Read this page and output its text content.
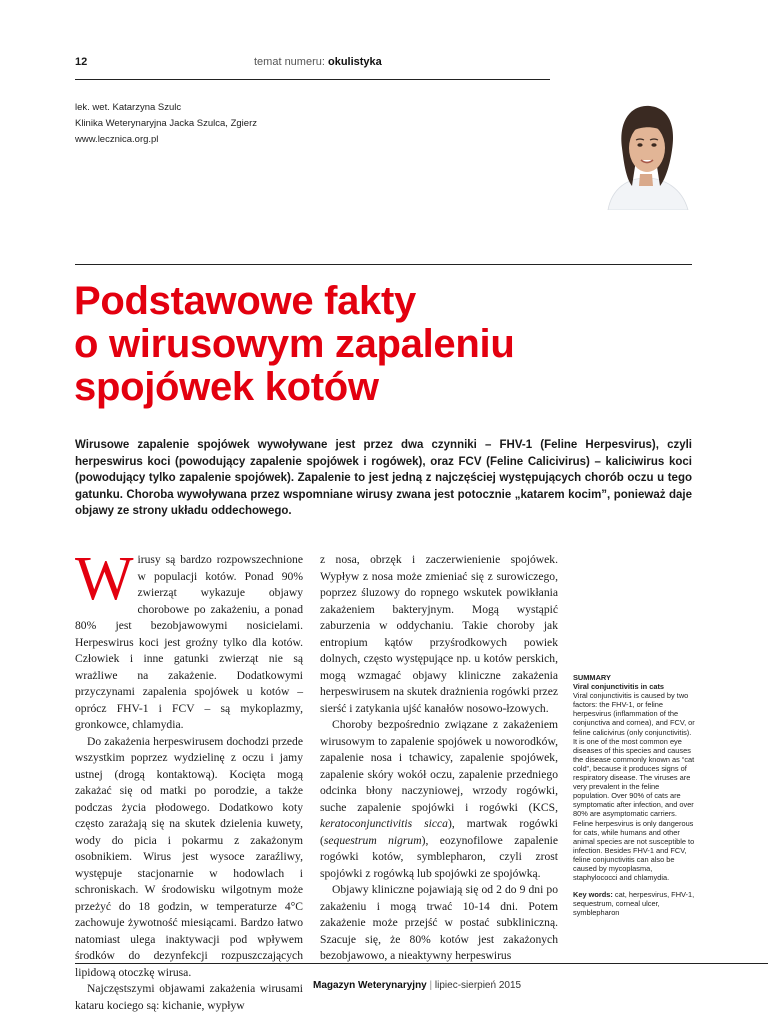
12	temat numeru: okulistyka
lek. wet. Katarzyna Szulc
Klinika Weterynaryjna Jacka Szulca, Zgierz
www.lecznica.org.pl
Podstawowe fakty
o wirusowym zapaleniu
spojówek kotów
Wirusowe zapalenie spojówek wywoływane jest przez dwa czynniki – FHV-1 (Feline Herpesvirus), czyli herpeswirus koci (powodujący zapalenie spojówek i rogówek), oraz FCV (Feline Calicivirus) – kaliciwirus koci (powodujący tylko zapalenie spojówek). Zapalenie to jest jedną z najczęściej występujących chorób oczu u tego gatunku. Choroba wywoływana przez wspomniane wirusy zwana jest potocznie „katarem kocim”, ponieważ daje objawy ze strony układu oddechowego.

Wirusy są bardzo rozpowszechnione w populacji kotów. Ponad 90% zwierząt wykazuje objawy chorobowe po zakażeniu, a ponad 80% jest bezobjawowymi nosicielami. Herpeswirus koci jest groźny tylko dla kotów. Człowiek i inne gatunki zwierząt nie są wrażliwe na zakażenie. Dodatkowymi przyczynami zapalenia spojówek u kotów – oprócz FHV-1 i FCV – są mykoplazmy, gronkowce, chlamydia.

Do zakażenia herpeswirusem dochodzi przede wszystkim poprzez wydzielinę z oczu i jamy ustnej (drogą kontaktową). Kocięta mogą zakażać się od matki po porodzie, a także podczas życia płodowego. Dodatkowo koty często zarażają się na skutek dzielenia kuwety, wody do picia i pokarmu z zakażonym osobnikiem. Wirus jest wysoce zaraźliwy, występuje stacjonarnie w hodowlach i schroniskach. W środowisku wilgotnym może przeżyć do 18 godzin, w temperaturze 4°C zachowuje żywotność miesiącami. Bardzo łatwo natomiast ulega inaktywacji pod wpływem środków do dezynfekcji rozpuszczających lipidową otoczkę wirusa.

Najczęstszymi objawami zakażenia wirusami kataru kociego są: kichanie, wypływ

z nosa, obrzęk i zaczerwienienie spojówek. Wypływ z nosa może zmieniać się z surowiczego, poprzez śluzowy do ropnego wskutek powikłania zakażeniem bakteryjnym. Mogą wystąpić zaburzenia w oddychaniu. Takie choroby jak entropium kątów przyśrodkowych powiek dolnych, często występujące np. u kotów perskich, mogą wzmagać objawy kliniczne zakażenia herpeswirusem na skutek drażnienia rogówki przez sierść i zatykania ujść kanałów nosowo-łzowych.

Choroby bezpośrednio związane z zakażeniem wirusowym to zapalenie spojówek u noworodków, zapalenie nosa i tchawicy, zapalenie spojówek, zapalenie skóry wokół oczu, zapalenie przedniego odcinka błony naczyniowej, wrzody rogówki, suche zapalenie spojówki i rogówki (KCS, keratoconjunctivitis sicca), martwak rogówki (sequestrum nigrum), eozynofilowe zapalenie rogówki kotów, symblepharon, czyli zrost spojówki z rogówką lub spojówki ze spojówką.

Objawy kliniczne pojawiają się od 2 do 9 dni po zakażeniu i mogą trwać 10-14 dni. Potem zakażenie może przejść w postać subkliniczną. Szacuje się, że 80% kotów jest zakażonych bezobjawowo, a nieaktywny herpeswirus

SUMMARY
Viral conjunctivitis in cats

Viral conjunctivitis is caused by two factors: the FHV-1, or feline herpesvirus (inflammation of the conjunctiva and cornea), and FCV, or feline calicivirus (only conjunctivitis). It is one of the most common eye diseases of this species and causes the disease commonly known as “cat cold”, because it produces signs of respiratory disease. The viruses are very prevalent in the feline population. Over 90% of cats are symptomatic after infection, and over 80% are asymptomatic carriers. Feline herpesvirus is only dangerous for cats, while humans and other animal species are not susceptible to infection. Besides FHV-1 and FCV, feline conjunctivitis can also be caused by mycoplasma, staphylococci and chlamydia.

Key words: cat, herpesvirus, FHV-1, sequestrum, corneal ulcer, symblepharon

Magazyn Weterynaryjny | lipiec-sierpień 2015
